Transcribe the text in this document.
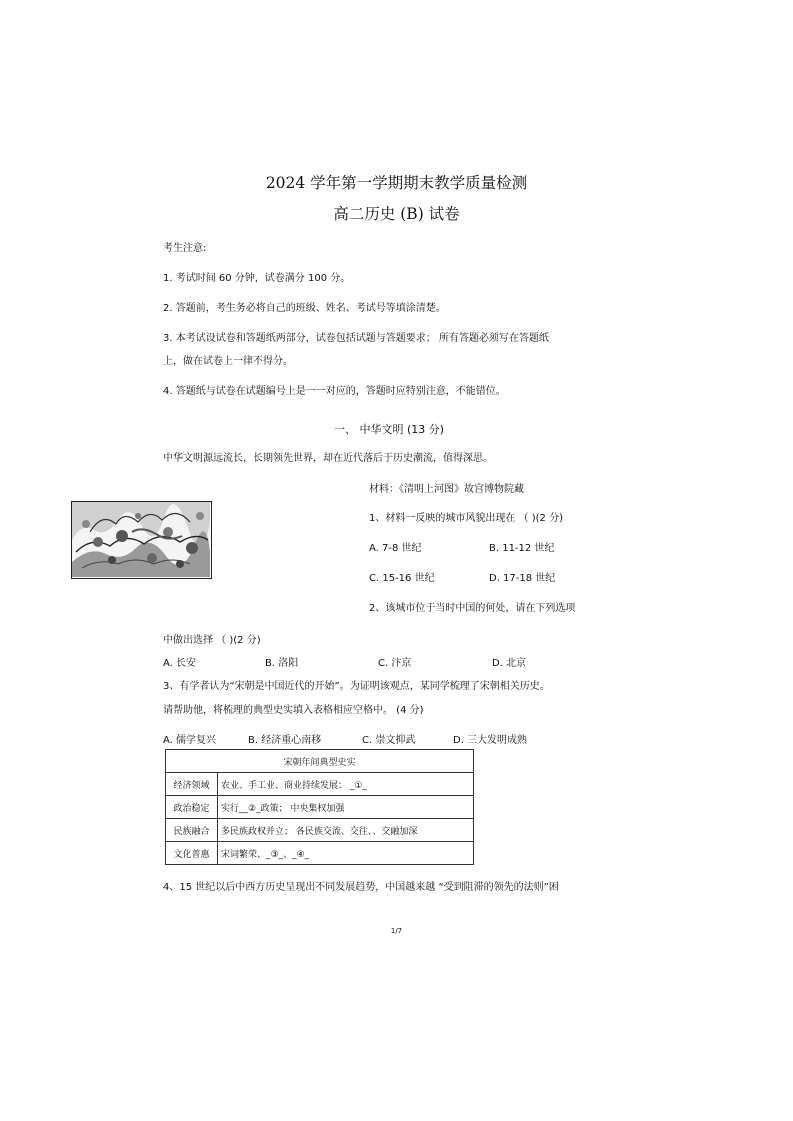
2024 学年第一学期期末教学质量检测
高二历史 (B) 试卷
考生注意:
1. 考试时间 60 分钟，试卷满分 100 分。
2. 答题前，考生务必将自己的班级、姓名、考试号等填涂清楚。
3. 本考试设试卷和答题纸两部分，试卷包括试题与答题要求； 所有答题必须写在答题纸
上，做在试卷上一律不得分。
4. 答题纸与试卷在试题编号上是一一对应的，答题时应特别注意，不能错位。
一、 中华文明 (13 分)
中华文明源远流长，长期领先世界，却在近代落后于历史潮流，值得深思。
材料：《清明上河图》故宫博物院藏
1、材料一反映的城市风貌出现在 （ )(2 分)
A. 7-8 世纪	B. 11-12 世纪
C. 15-16 世纪	D. 17-18 世纪
2、该城市位于当时中国的何处，请在下列选项
中做出选择 （ )(2 分)
A. 长安	B. 洛阳	C. 汴京	D. 北京
3、有学者认为“宋朝是中国近代的开始”。为证明该观点，某同学梳理了宋朝相关历史。
请帮助他，将梳理的典型史实填入表格相应空格中。 (4 分)
A. 儒学复兴	B. 经济重心南移	C. 崇文抑武	D. 三大发明成熟
宋朝年间典型史实	
经济领域	农业、手工业、商业持续发展； _①_
政治稳定	实行__②_政策； 中央集权加强
民族融合	多民族政权并立； 各民族交流、交往、、交融加深
文化普惠	宋词繁荣、_③_、_④_
4、15 世纪以后中西方历史呈现出不同发展趋势，中国越来越 “受到阻滞的领先的法则”困
1/7
